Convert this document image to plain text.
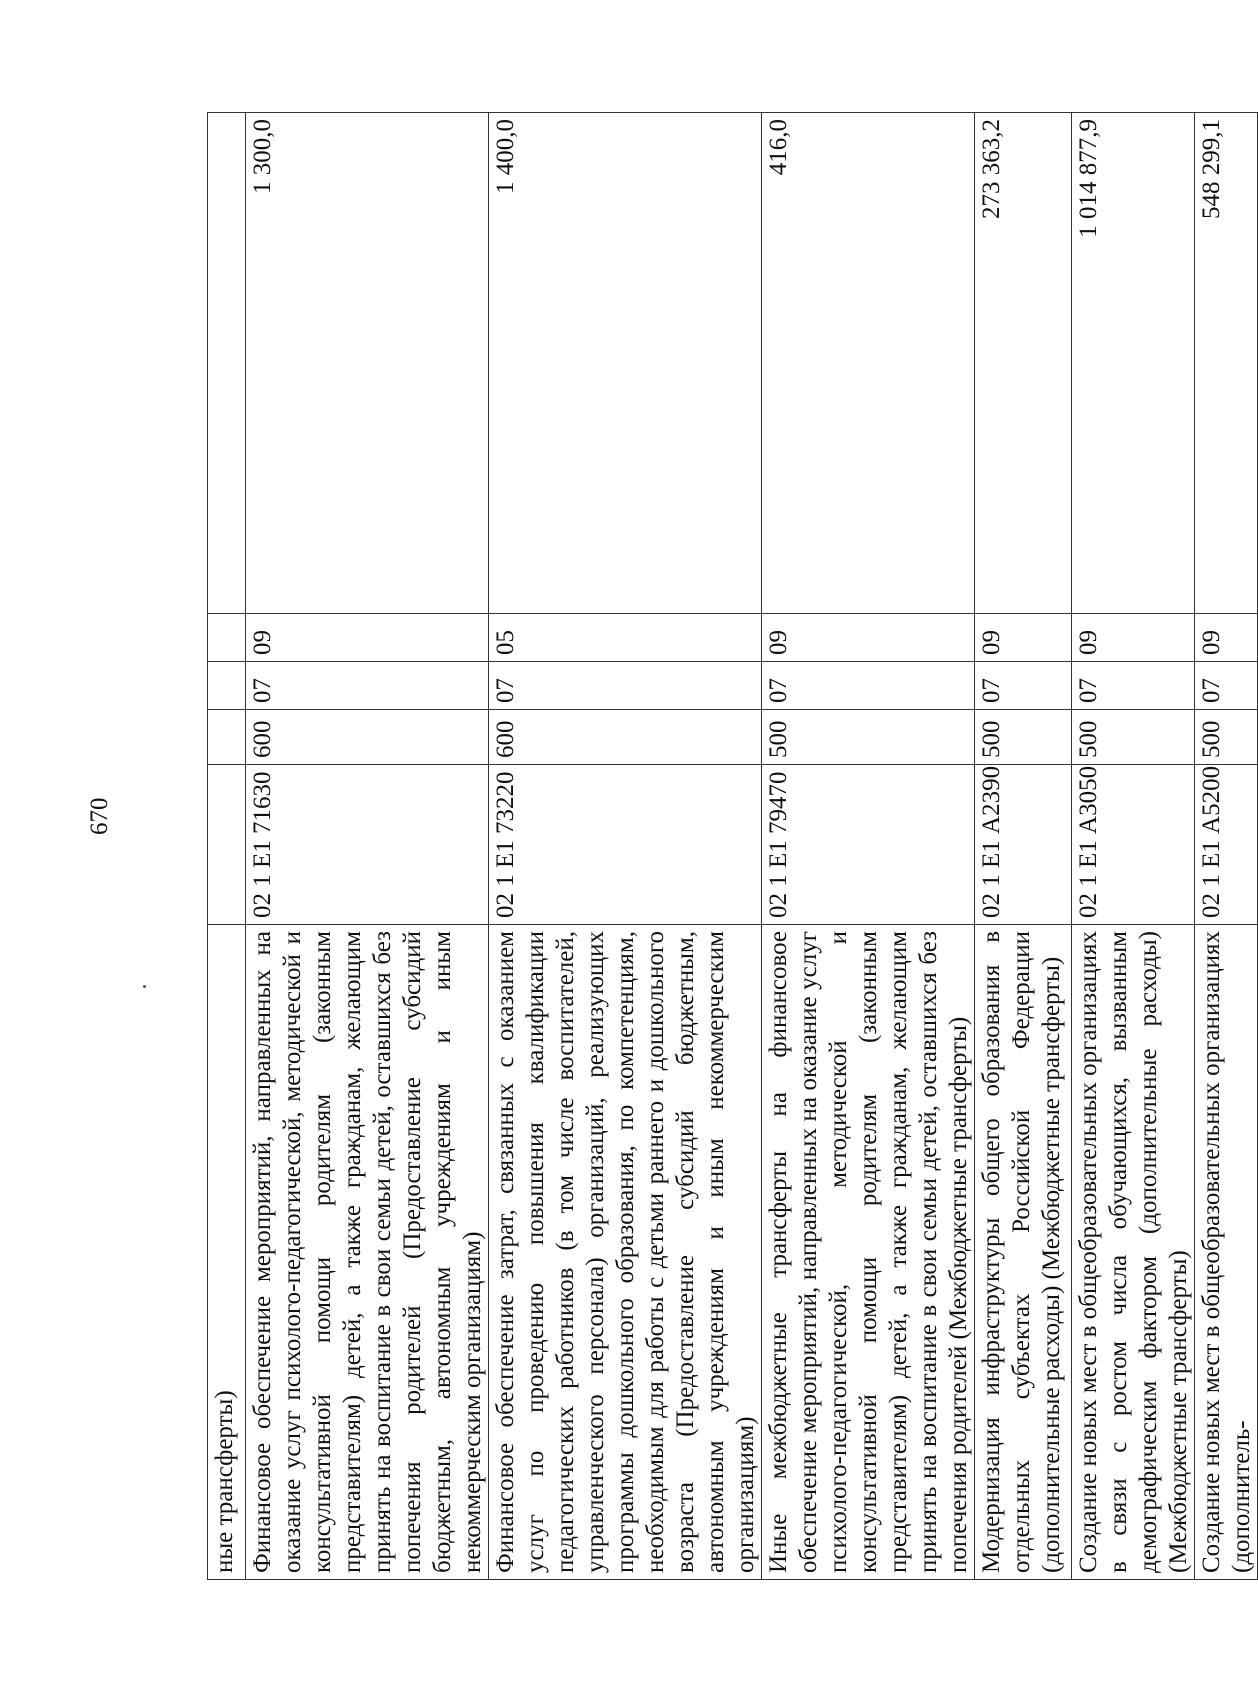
670
ные трансферты)					
Финансовое обеспечение мероприятий, направленных на оказание услуг психолого-педагогической, методической и консультативной помощи родителям (законным представителям) детей, а также гражданам, желающим принять на воспитание в свои семьи детей, оставшихся без попечения родителей (Предоставление субсидий бюджетным, автономным учреждениям и иным некоммерческим организациям)	02 1 Е1 71630	600	07	09	1 300,0
Финансовое обеспечение затрат, связанных с оказанием услуг по проведению повышения квалификации педагогических работников (в том числе воспитателей, управленческого персонала) организаций, реализующих программы дошкольного образования, по компетенциям, необходимым для работы с детьми раннего и дошкольного возраста (Предоставление субсидий бюджетным, автономным учреждениям и иным некоммерческим организациям)	02 1 Е1 73220	600	07	05	1 400,0
Иные межбюджетные трансферты на финансовое обеспечение мероприятий, направленных на оказание услуг психолого-педагогической, методической и консультативной помощи родителям (законным представителям) детей, а также гражданам, желающим принять на воспитание в свои семьи детей, оставшихся без попечения родителей (Межбюджетные трансферты)	02 1 Е1 79470	500	07	09	416,0
Модернизация инфраструктуры общего образования в отдельных субъектах Российской Федерации (дополнительные расходы) (Межбюджетные трансферты)	02 1 Е1 А2390	500	07	09	273 363,2
Создание новых мест в общеобразовательных организациях в связи с ростом числа обучающихся, вызванным демографическим фактором (дополнительные расходы) (Межбюджетные трансферты)	02 1 Е1 А3050	500	07	09	1 014 877,9
Создание новых мест в общеобразовательных организациях (дополнитель-	02 1 Е1 А5200	500	07	09	548 299,1
